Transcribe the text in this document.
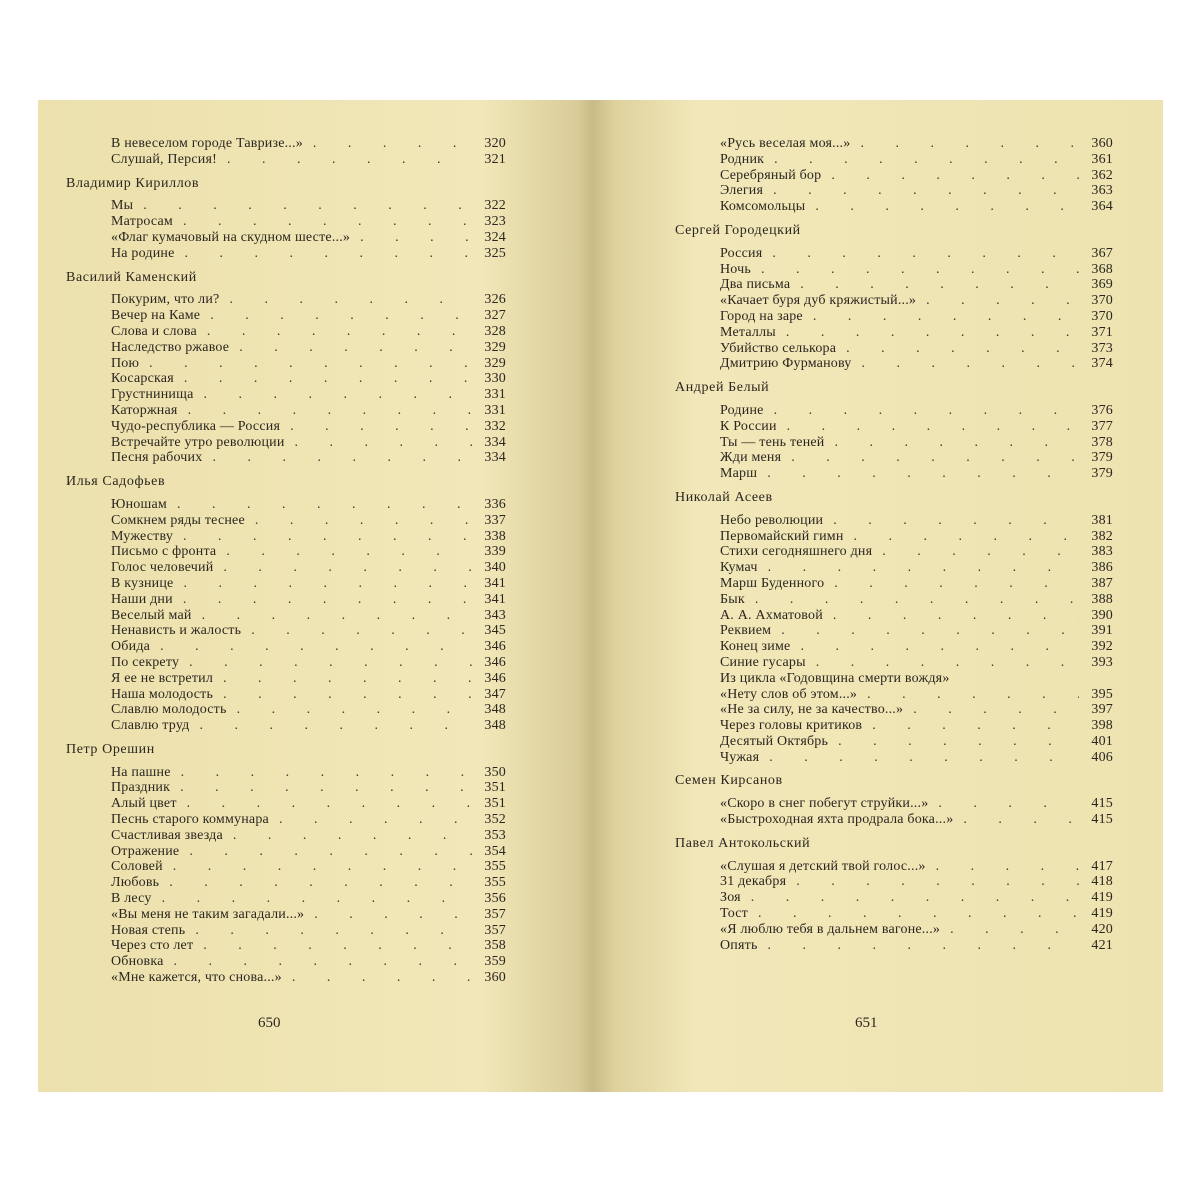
В невеселом городе Тавризе...» . . .	320
Слушай, Персия! . . .	321
Владимир Кириллов
Мы . . .	322
Матросам . . .	323
«Флаг кумачовый на скудном шесте...» . . .	324
На родине . . .	325
Василий Каменский
Покурим, что ли? . . .	326
Вечер на Каме . . .	327
Слова и слова . . .	328
Наследство ржавое . . .	329
Пою . . .	329
Косарская . . .	330
Грустнинища . . .	331
Каторжная . . .	331
Чудо-республика — Россия . . .	332
Встречайте утро революции . . .	334
Песня рабочих . . .	334
Илья Садофьев
Юношам . . .	336
Сомкнем ряды теснее . . .	337
Мужеству . . .	338
Письмо с фронта . . .	339
Голос человечий . . .	340
В кузнице . . .	341
Наши дни . . .	341
Веселый май . . .	343
Ненависть и жалость . . .	345
Обида . . .	346
По секрету . . .	346
Я ее не встретил . . .	346
Наша молодость . . .	347
Славлю молодость . . .	348
Славлю труд . . .	348
Петр Орешин
На пашне . . .	350
Праздник . . .	351
Алый цвет . . .	351
Песнь старого коммунара . . .	352
Счастливая звезда . . .	353
Отражение . . .	354
Соловей . . .	355
Любовь . . .	355
В лесу . . .	356
«Вы меня не таким загадали...» . . .	357
Новая степь . . .	357
Через сто лет . . .	358
Обновка . . .	359
«Мне кажется, что снова...» . . .	360
650
«Русь веселая моя...» . . .	360
Родник . . .	361
Серебряный бор . . .	362
Элегия . . .	363
Комсомольцы . . .	364
Сергей Городецкий
Россия . . .	367
Ночь . . .	368
Два письма . . .	369
«Качает буря дуб кряжистый...» . . .	370
Город на заре . . .	370
Металлы . . .	371
Убийство селькора . . .	373
Дмитрию Фурманову . . .	374
Андрей Белый
Родине . . .	376
К России . . .	377
Ты — тень теней . . .	378
Жди меня . . .	379
Марш . . .	379
Николай Асеев
Небо революции . . .	381
Первомайский гимн . . .	382
Стихи сегодняшнего дня . . .	383
Кумач . . .	386
Марш Буденного . . .	387
Бык . . .	388
А. А. Ахматовой . . .	390
Реквием . . .	391
Конец зиме . . .	392
Синие гусары . . .	393
Из цикла «Годовщина смерти вождя»
«Нету слов об этом...» . . .	395
«Не за силу, не за качество...» . . .	397
Через головы критиков . . .	398
Десятый Октябрь . . .	401
Чужая . . .	406
Семен Кирсанов
«Скоро в снег побегут струйки...» . . .	415
«Быстроходная яхта продрала бока...» . . .	415
Павел Антокольский
«Слушая я детский твой голос...» . . .	417
31 декабря . . .	418
Зоя . . .	419
Тост . . .	419
«Я люблю тебя в дальнем вагоне...» . . .	420
Опять . . .	421
651
